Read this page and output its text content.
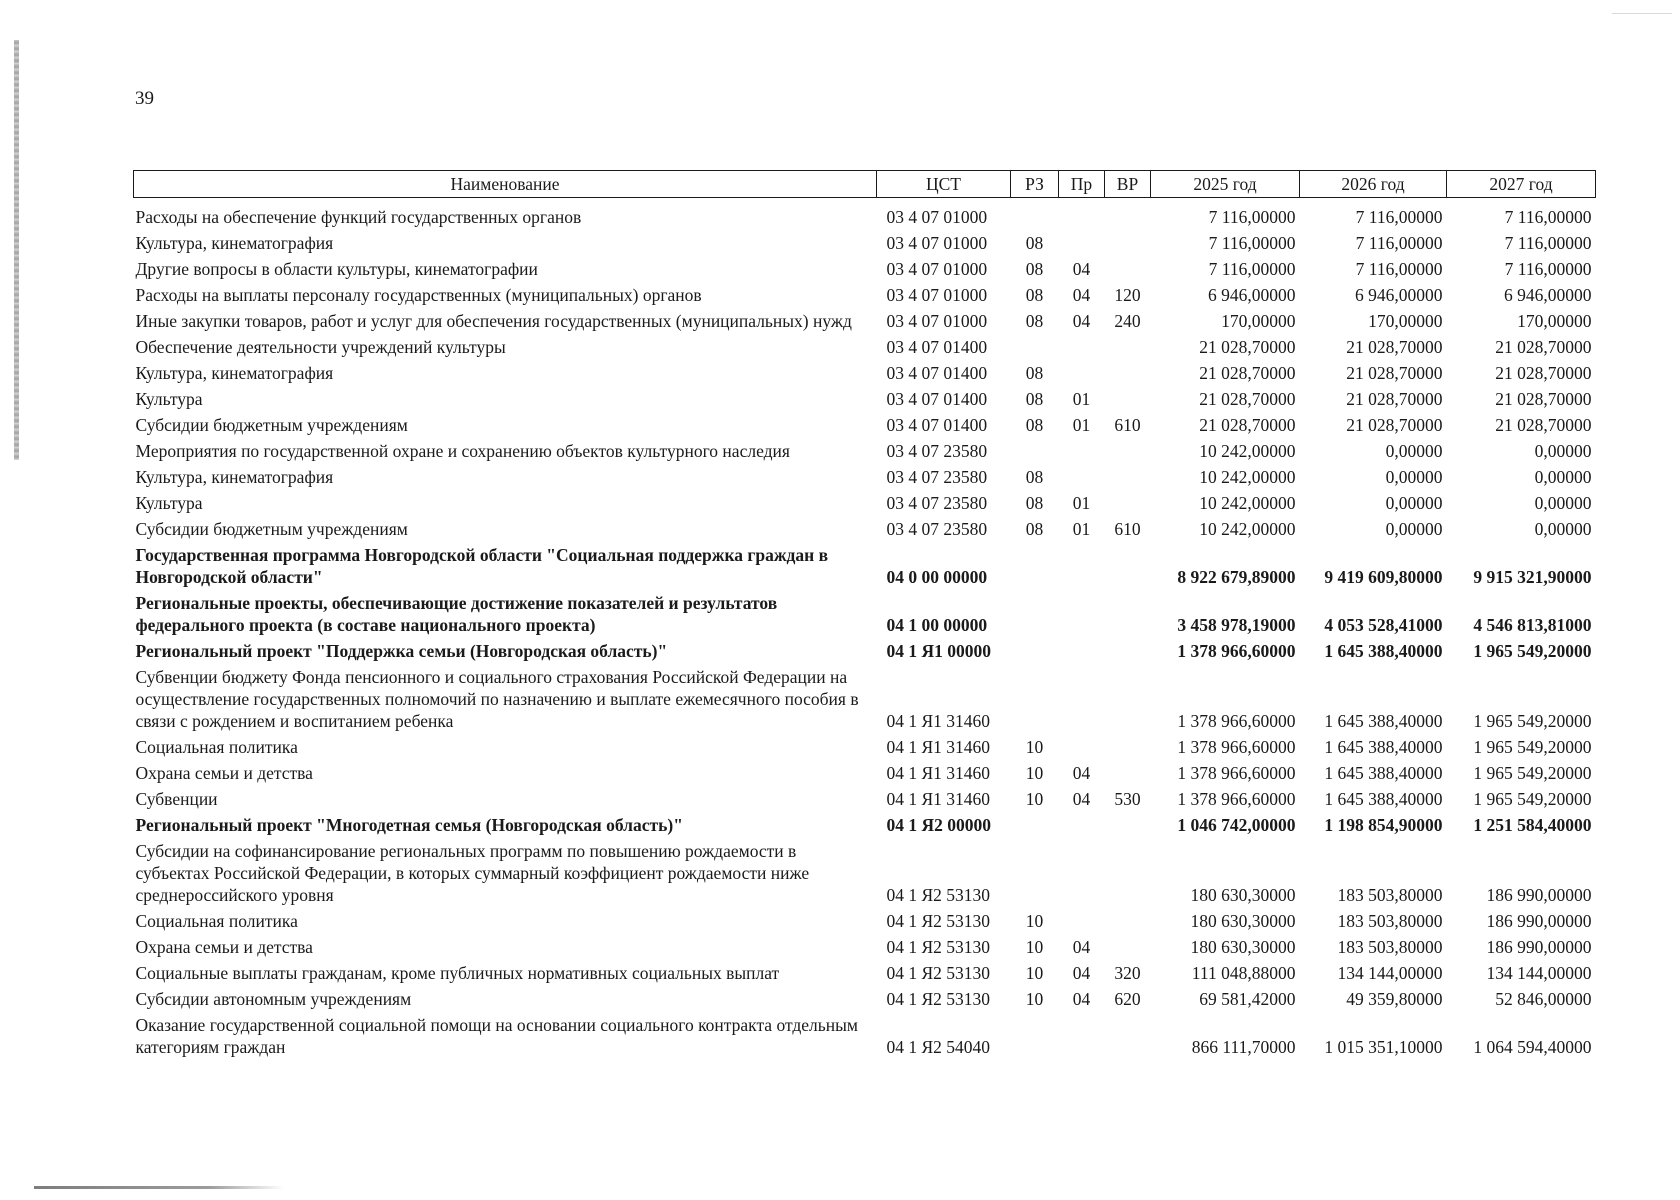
39
Наименование	ЦСТ	РЗ	Пр	ВР	2025 год	2026 год	2027 год
Расходы на обеспечение функций государственных органов	03 4 07 01000				7 116,00000	7 116,00000	7 116,00000
Культура, кинематография	03 4 07 01000	08			7 116,00000	7 116,00000	7 116,00000
Другие вопросы в области культуры, кинематографии	03 4 07 01000	08	04		7 116,00000	7 116,00000	7 116,00000
Расходы на выплаты персоналу государственных (муниципальных) органов	03 4 07 01000	08	04	120	6 946,00000	6 946,00000	6 946,00000
Иные закупки товаров, работ и услуг для обеспечения государственных (муниципальных) нужд	03 4 07 01000	08	04	240	170,00000	170,00000	170,00000
Обеспечение деятельности учреждений культуры	03 4 07 01400				21 028,70000	21 028,70000	21 028,70000
Культура, кинематография	03 4 07 01400	08			21 028,70000	21 028,70000	21 028,70000
Культура	03 4 07 01400	08	01		21 028,70000	21 028,70000	21 028,70000
Субсидии бюджетным учреждениям	03 4 07 01400	08	01	610	21 028,70000	21 028,70000	21 028,70000
Мероприятия по государственной охране и сохранению объектов культурного наследия	03 4 07 23580				10 242,00000	0,00000	0,00000
Культура, кинематография	03 4 07 23580	08			10 242,00000	0,00000	0,00000
Культура	03 4 07 23580	08	01		10 242,00000	0,00000	0,00000
Субсидии бюджетным учреждениям	03 4 07 23580	08	01	610	10 242,00000	0,00000	0,00000
Государственная программа Новгородской области "Социальная поддержка граждан в Новгородской области"	04 0 00 00000				8 922 679,89000	9 419 609,80000	9 915 321,90000
Региональные проекты, обеспечивающие достижение показателей и результатов федерального проекта (в составе национального проекта)	04 1 00 00000				3 458 978,19000	4 053 528,41000	4 546 813,81000
Региональный проект "Поддержка семьи (Новгородская область)"	04 1 Я1 00000				1 378 966,60000	1 645 388,40000	1 965 549,20000
Субвенции бюджету Фонда пенсионного и социального страхования Российской Федерации на осуществление государственных полномочий по назначению и выплате ежемесячного пособия в связи с рождением и воспитанием ребенка	04 1 Я1 31460				1 378 966,60000	1 645 388,40000	1 965 549,20000
Социальная политика	04 1 Я1 31460	10			1 378 966,60000	1 645 388,40000	1 965 549,20000
Охрана семьи и детства	04 1 Я1 31460	10	04		1 378 966,60000	1 645 388,40000	1 965 549,20000
Субвенции	04 1 Я1 31460	10	04	530	1 378 966,60000	1 645 388,40000	1 965 549,20000
Региональный проект "Многодетная семья (Новгородская область)"	04 1 Я2 00000				1 046 742,00000	1 198 854,90000	1 251 584,40000
Субсидии на софинансирование региональных программ по повышению рождаемости в субъектах Российской Федерации, в которых суммарный коэффициент рождаемости ниже среднероссийского уровня	04 1 Я2 53130				180 630,30000	183 503,80000	186 990,00000
Социальная политика	04 1 Я2 53130	10			180 630,30000	183 503,80000	186 990,00000
Охрана семьи и детства	04 1 Я2 53130	10	04		180 630,30000	183 503,80000	186 990,00000
Социальные выплаты гражданам, кроме публичных нормативных социальных выплат	04 1 Я2 53130	10	04	320	111 048,88000	134 144,00000	134 144,00000
Субсидии автономным учреждениям	04 1 Я2 53130	10	04	620	69 581,42000	49 359,80000	52 846,00000
Оказание государственной социальной помощи на основании социального контракта отдельным категориям граждан	04 1 Я2 54040				866 111,70000	1 015 351,10000	1 064 594,40000
